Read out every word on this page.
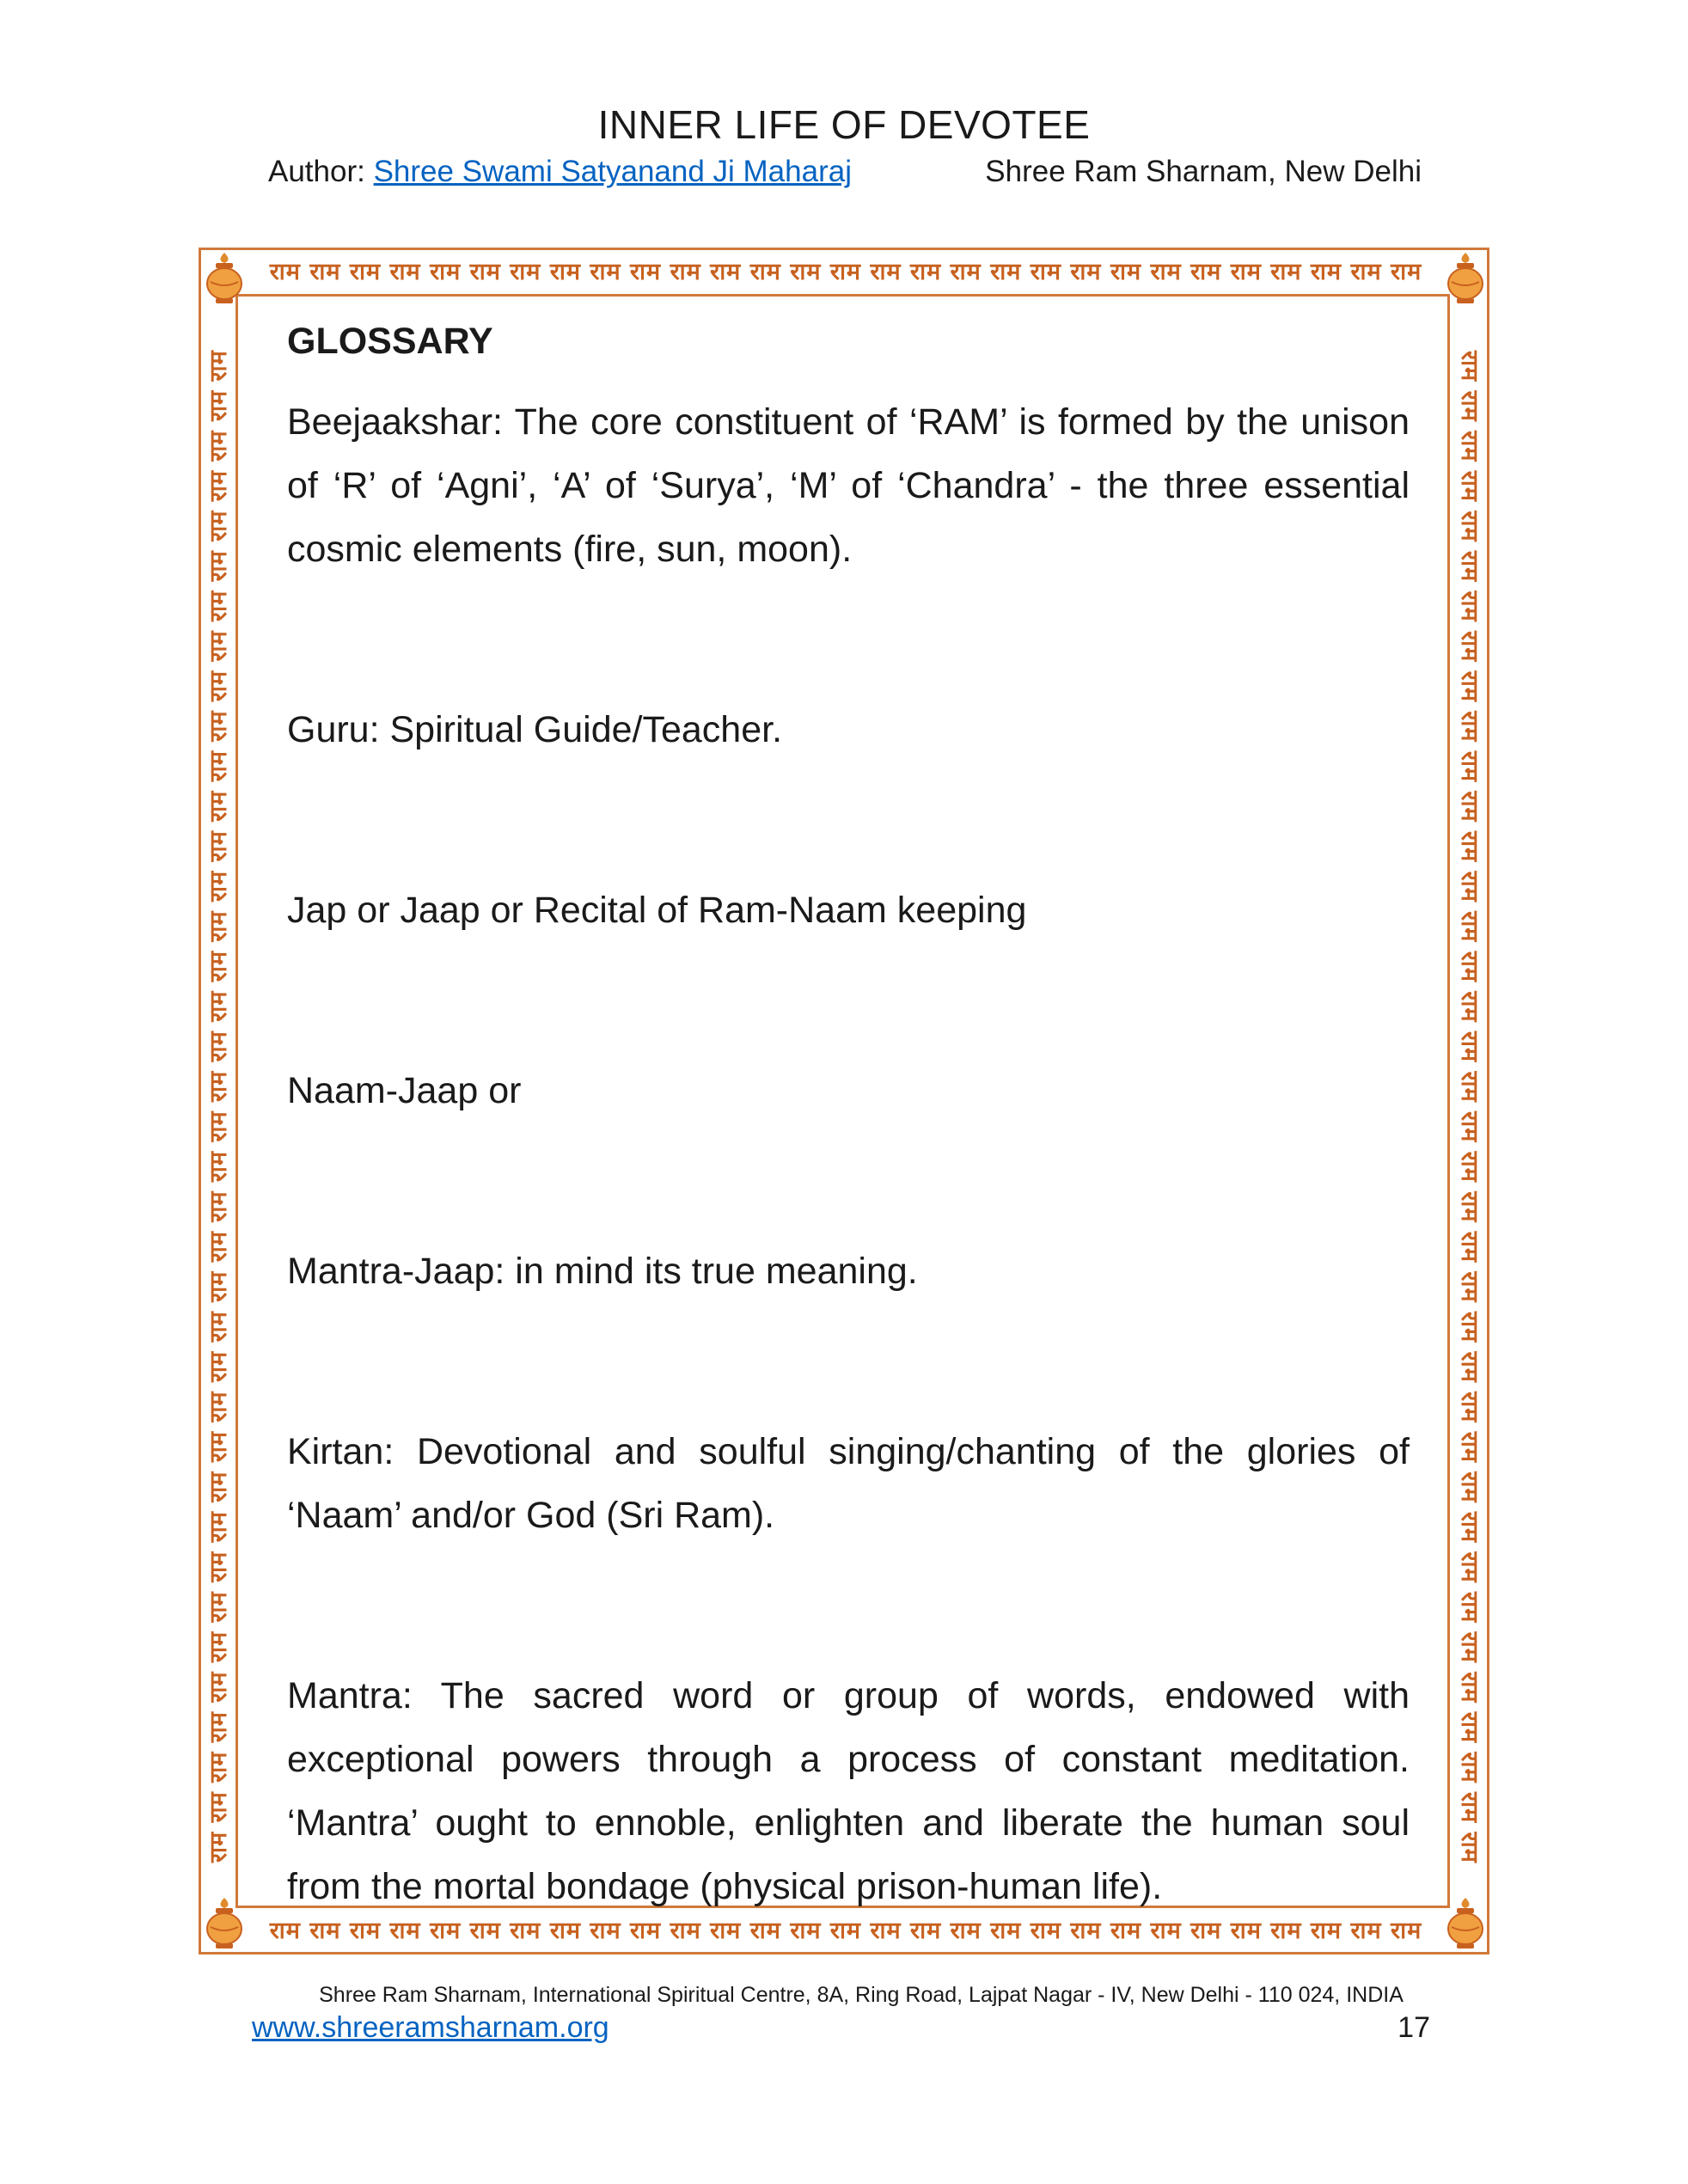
INNER LIFE OF DEVOTEE
Author: Shree Swami Satyanand Ji Maharaj	Shree Ram Sharnam, New Delhi
राम राम राम राम राम राम राम राम राम राम राम राम राम राम राम राम राम राम राम राम राम राम राम राम राम राम राम राम राम
राम राम राम राम राम राम राम राम राम राम राम राम राम राम राम राम राम राम राम राम राम राम राम राम राम राम राम राम राम
राम राम राम राम राम राम राम राम राम राम राम राम राम राम राम राम राम राम राम राम राम राम राम राम राम राम राम राम राम राम राम राम राम राम राम राम राम राम	राम राम राम राम राम राम राम राम राम राम राम राम राम राम राम राम राम राम राम राम राम राम राम राम राम राम राम राम राम राम राम राम राम राम राम राम राम राम
GLOSSARY

Beejaakshar: The core constituent of ‘RAM’ is formed by the unison of ‘R’ of ‘Agni’, ‘A’ of ‘Surya’, ‘M’ of ‘Chandra’ - the three essential cosmic elements (fire, sun, moon).

Guru: Spiritual Guide/Teacher.

Jap or Jaap or Recital of Ram-Naam keeping

Naam-Jaap or

Mantra-Jaap: in mind its true meaning.

Kirtan: Devotional and soulful singing/chanting of the glories of ‘Naam’ and/or God (Sri Ram).

Mantra: The sacred word or group of words, endowed with exceptional powers through a process of constant meditation. ‘Mantra’ ought to ennoble, enlighten and liberate the human soul from the mortal bondage (physical prison-human life).

Shree Ram Sharnam, International Spiritual Centre, 8A, Ring Road, Lajpat Nagar - IV, New Delhi - 110 024, INDIA
www.shreeramsharnam.org	17
